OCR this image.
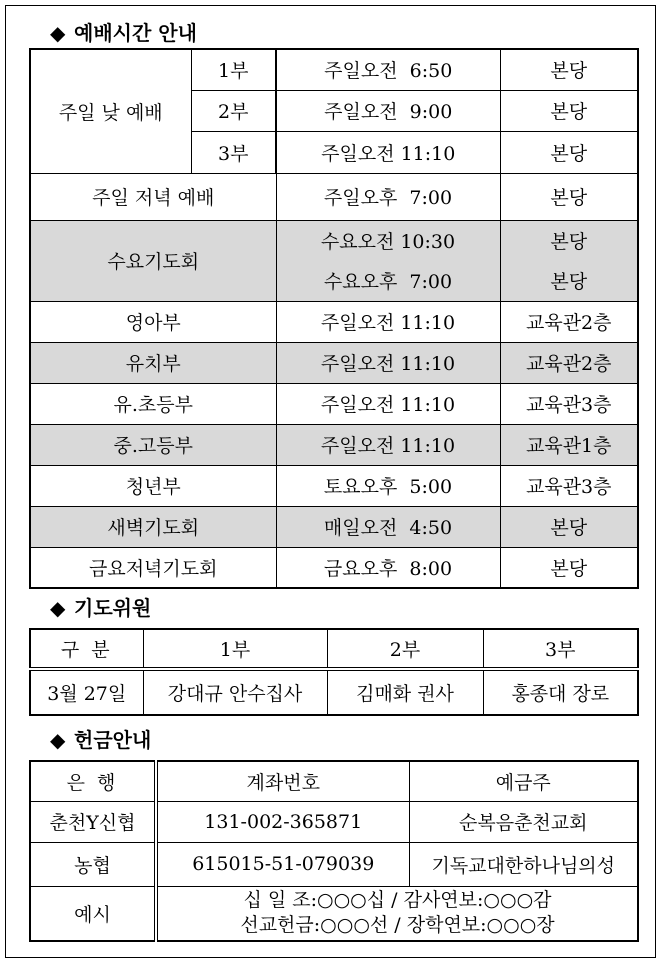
◆ 예배시간 안내
주일 낮 예배	1부	주일오전  6:50	본당
	2부	주일오전  9:00	본당
	3부	주일오전 11:10	본당
주일 저녁 예배		주일오후  7:00	본당
수요기도회		수요오전 10:30	본당
		수요오후  7:00	본당
영아부		주일오전 11:10	교육관2층
유치부		주일오전 11:10	교육관2층
유.초등부		주일오전 11:10	교육관3층
중.고등부		주일오전 11:10	교육관1층
청년부		토요오후  5:00	교육관3층
새벽기도회		매일오전  4:50	본당
금요저녁기도회		금요오후  8:00	본당
◆ 기도위원
구 분	1부	2부	3부
3월 27일	강대규 안수집사	김매화 권사	홍종대 장로
◆ 헌금안내
은 행	계좌번호	예금주
춘천Y신협	131-002-365871	순복음춘천교회
농협	615015-51-079039	기독교대한하나님의성
예시	십 일 조:○○○십 / 감사연보:○○○감
선교헌금:○○○선 / 장학연보:○○○장	
